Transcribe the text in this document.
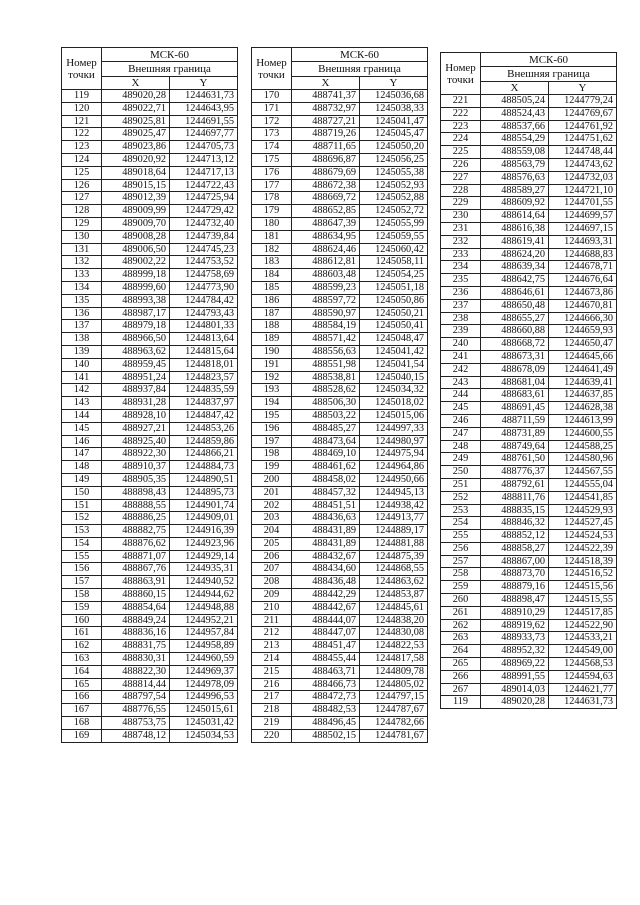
Номер
точки	МСК-60	
	Внешняя граница	
	X	Y
119	489020,28	1244631,73
120	489022,71	1244643,95
121	489025,81	1244691,55
122	489025,47	1244697,77
123	489023,86	1244705,73
124	489020,92	1244713,12
125	489018,64	1244717,13
126	489015,15	1244722,43
127	489012,39	1244725,94
128	489009,99	1244729,42
129	489009,70	1244732,40
130	489008,28	1244739,84
131	489006,50	1244745,23
132	489002,22	1244753,52
133	488999,18	1244758,69
134	488999,60	1244773,90
135	488993,38	1244784,42
136	488987,17	1244793,43
137	488979,18	1244801,33
138	488966,50	1244813,64
139	488963,62	1244815,64
140	488959,45	1244818,01
141	488951,24	1244823,57
142	488937,84	1244835,59
143	488931,28	1244837,97
144	488928,10	1244847,42
145	488927,21	1244853,26
146	488925,40	1244859,86
147	488922,30	1244866,21
148	488910,37	1244884,73
149	488905,35	1244890,51
150	488898,43	1244895,73
151	488888,55	1244901,74
152	488886,25	1244909,01
153	488882,75	1244916,39
154	488876,62	1244923,96
155	488871,07	1244929,14
156	488867,76	1244935,31
157	488863,91	1244940,52
158	488860,15	1244944,62
159	488854,64	1244948,88
160	488849,24	1244952,21
161	488836,16	1244957,84
162	488831,75	1244958,89
163	488830,31	1244960,59
164	488822,30	1244969,37
165	488814,44	1244978,09
166	488797,54	1244996,53
167	488776,55	1245015,61
168	488753,75	1245031,42
169	488748,12	1245034,53
Номер
точки	МСК-60	
	Внешняя граница	
	X	Y
170	488741,37	1245036,68
171	488732,97	1245038,33
172	488727,21	1245041,47
173	488719,26	1245045,47
174	488711,65	1245050,20
175	488696,87	1245056,25
176	488679,69	1245055,38
177	488672,38	1245052,93
178	488669,72	1245052,88
179	488652,85	1245052,72
180	488647,39	1245055,99
181	488634,95	1245059,55
182	488624,46	1245060,42
183	488612,81	1245058,11
184	488603,48	1245054,25
185	488599,23	1245051,18
186	488597,72	1245050,86
187	488590,97	1245050,21
188	488584,19	1245050,41
189	488571,42	1245048,47
190	488556,63	1245041,42
191	488551,98	1245041,54
192	488538,81	1245040,15
193	488528,62	1245034,32
194	488506,30	1245018,02
195	488503,22	1245015,06
196	488485,27	1244997,33
197	488473,64	1244980,97
198	488469,10	1244975,94
199	488461,62	1244964,86
200	488458,02	1244950,66
201	488457,32	1244945,13
202	488451,51	1244938,42
203	488436,63	1244913,77
204	488431,89	1244889,17
205	488431,89	1244881,88
206	488432,67	1244875,39
207	488434,60	1244868,55
208	488436,48	1244863,62
209	488442,29	1244853,87
210	488442,67	1244845,61
211	488444,07	1244838,20
212	488447,07	1244830,08
213	488451,47	1244822,53
214	488455,44	1244817,58
215	488463,71	1244809,78
216	488466,73	1244805,02
217	488472,73	1244797,15
218	488482,53	1244787,67
219	488496,45	1244782,66
220	488502,15	1244781,67
Номер
точки	МСК-60	
	Внешняя граница	
	X	Y
221	488505,24	1244779,24
222	488524,43	1244769,67
223	488537,66	1244761,92
224	488554,29	1244751,62
225	488559,08	1244748,44
226	488563,79	1244743,62
227	488576,63	1244732,03
228	488589,27	1244721,10
229	488609,92	1244701,55
230	488614,64	1244699,57
231	488616,38	1244697,15
232	488619,41	1244693,31
233	488624,20	1244688,83
234	488639,34	1244678,71
235	488642,75	1244676,64
236	488646,61	1244673,86
237	488650,48	1244670,81
238	488655,27	1244666,30
239	488660,88	1244659,93
240	488668,72	1244650,47
241	488673,31	1244645,66
242	488678,09	1244641,49
243	488681,04	1244639,41
244	488683,61	1244637,85
245	488691,45	1244628,38
246	488711,59	1244613,99
247	488731,89	1244600,55
248	488749,64	1244588,25
249	488761,50	1244580,96
250	488776,37	1244567,55
251	488792,61	1244555,04
252	488811,76	1244541,85
253	488835,15	1244529,93
254	488846,32	1244527,45
255	488852,12	1244524,53
256	488858,27	1244522,39
257	488867,00	1244518,39
258	488873,70	1244516,52
259	488879,16	1244515,56
260	488898,47	1244515,55
261	488910,29	1244517,85
262	488919,62	1244522,90
263	488933,73	1244533,21
264	488952,32	1244549,00
265	488969,22	1244568,53
266	488991,55	1244594,63
267	489014,03	1244621,77
119	489020,28	1244631,73
